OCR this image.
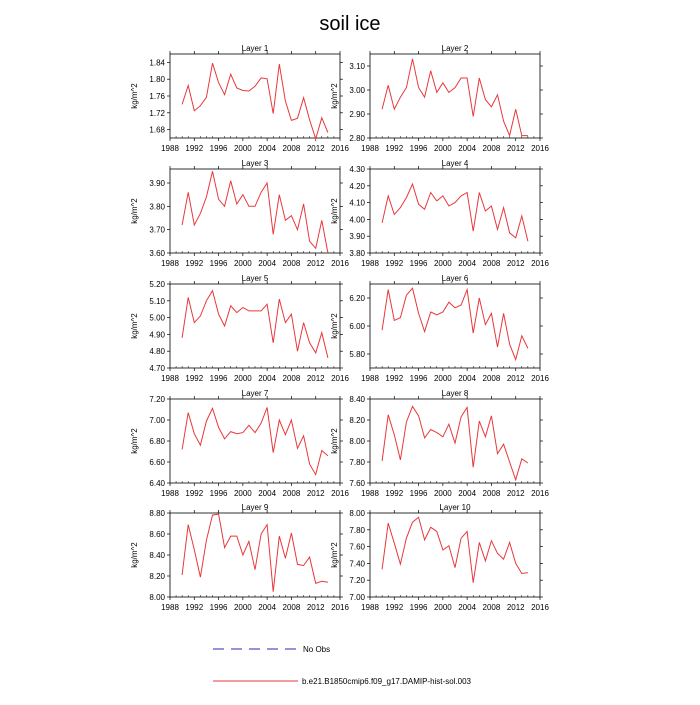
soil ice
Layer 1
1988 1992 1996 2000 2004 2008 2012 2016
1.68
1.72
1.76
1.80
1.84
kg/m^2
Layer 2
1988 1992 1996 2000 2004 2008 2012 2016
2.80
2.90
3.00
3.10
kg/m^2
Layer 3
1988 1992 1996 2000 2004 2008 2012 2016
3.60
3.70
3.80
3.90
kg/m^2
Layer 4
1988 1992 1996 2000 2004 2008 2012 2016
3.80
3.90
4.00
4.10
4.20
4.30
kg/m^2
Layer 5
1988 1992 1996 2000 2004 2008 2012 2016
4.70
4.80
4.90
5.00
5.10
5.20
kg/m^2
Layer 6
1988 1992 1996 2000 2004 2008 2012 2016
5.80
6.00
6.20
kg/m^2
Layer 7
1988 1992 1996 2000 2004 2008 2012 2016
6.40
6.60
6.80
7.00
7.20
kg/m^2
Layer 8
1988 1992 1996 2000 2004 2008 2012 2016
7.60
7.80
8.00
8.20
8.40
kg/m^2
Layer 9
1988 1992 1996 2000 2004 2008 2012 2016
8.00
8.20
8.40
8.60
8.80
kg/m^2
Layer 10
1988 1992 1996 2000 2004 2008 2012 2016
7.00
7.20
7.40
7.60
7.80
8.00
kg/m^2
No Obs
b.e21.B1850cmip6.f09_g17.DAMIP-hist-sol.003
